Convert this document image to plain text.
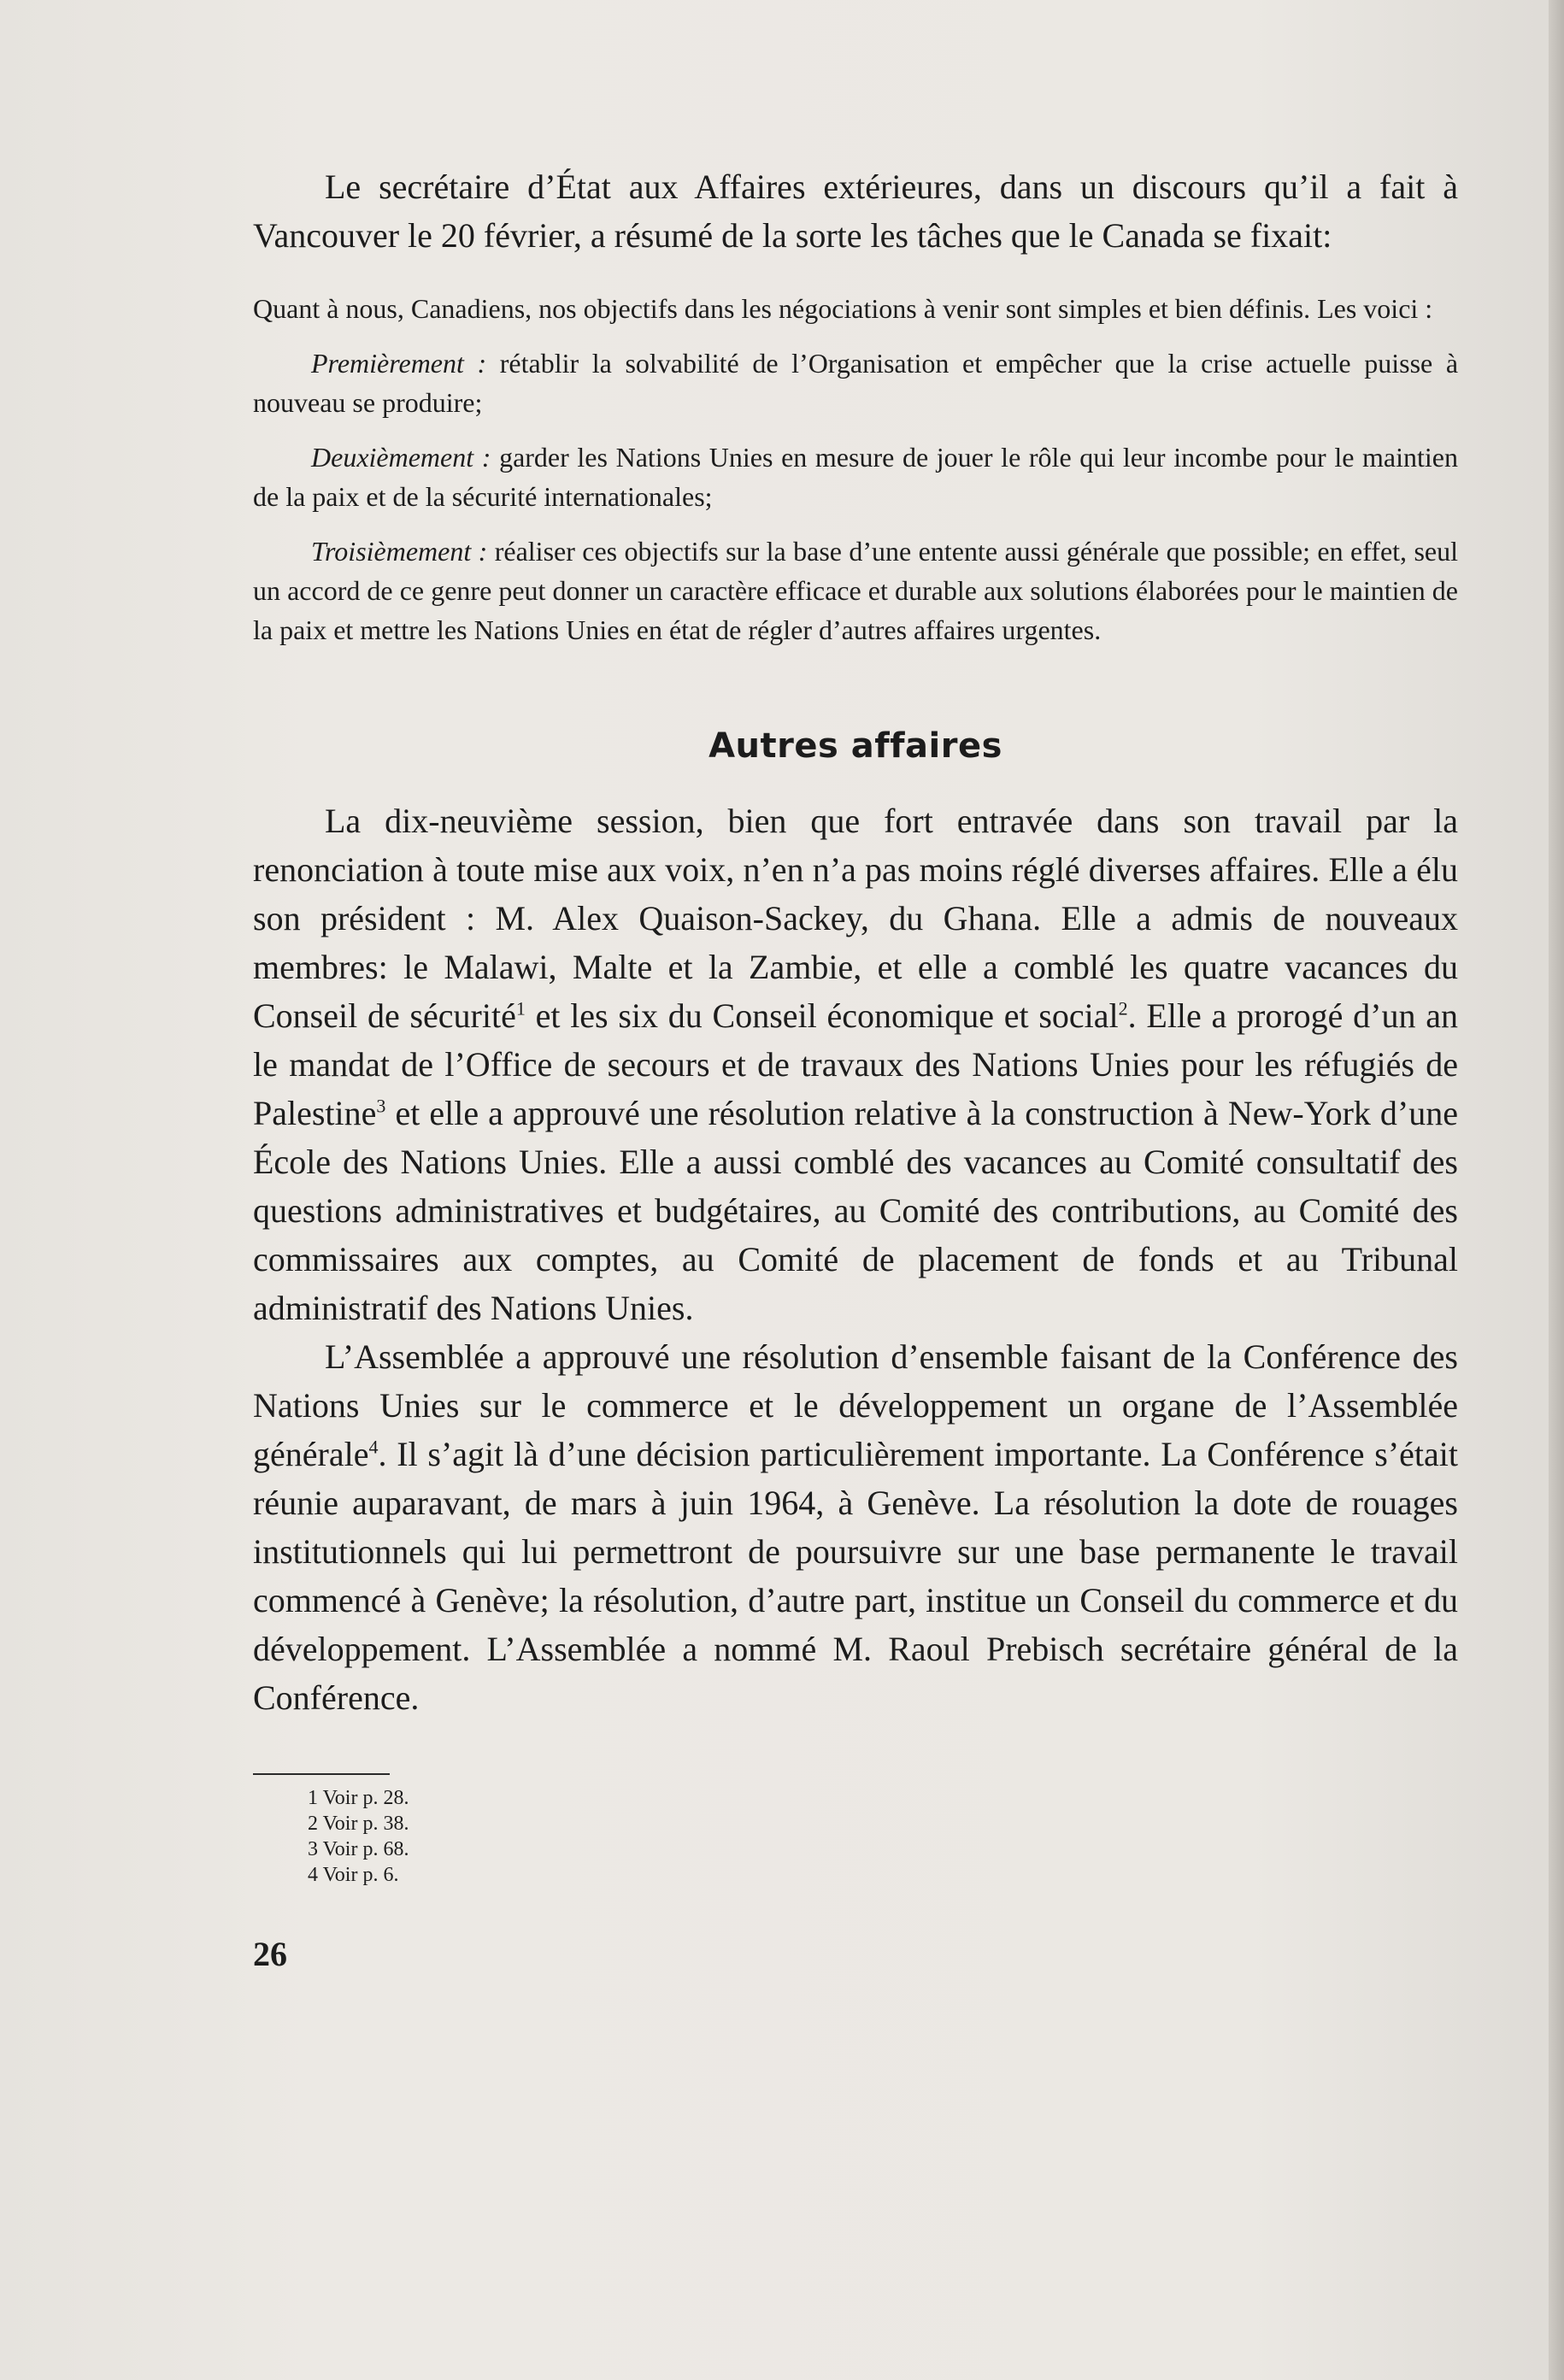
Le secrétaire d’État aux Affaires extérieures, dans un discours qu’il a fait à Vancouver le 20 février, a résumé de la sorte les tâches que le Canada se fixait:

Quant à nous, Canadiens, nos objectifs dans les négociations à venir sont simples et bien définis. Les voici :

Premièrement : rétablir la solvabilité de l’Organisation et empêcher que la crise actuelle puisse à nouveau se produire;

Deuxièmement : garder les Nations Unies en mesure de jouer le rôle qui leur incombe pour le maintien de la paix et de la sécurité internationales;

Troisièmement : réaliser ces objectifs sur la base d’une entente aussi générale que possible; en effet, seul un accord de ce genre peut donner un caractère efficace et durable aux solutions élaborées pour le maintien de la paix et mettre les Nations Unies en état de régler d’autres affaires urgentes.

Autres affaires

La dix-neuvième session, bien que fort entravée dans son travail par la renonciation à toute mise aux voix, n’en n’a pas moins réglé diverses affaires. Elle a élu son président : M. Alex Quaison-Sackey, du Ghana. Elle a admis de nouveaux membres: le Malawi, Malte et la Zambie, et elle a comblé les quatre vacances du Conseil de sécurité$^1$ et les six du Conseil économique et social$^2$. Elle a prorogé d’un an le mandat de l’Office de secours et de travaux des Nations Unies pour les réfugiés de Palestine$^3$ et elle a approuvé une résolution relative à la construction à New-York d’une École des Nations Unies. Elle a aussi comblé des vacances au Comité consultatif des questions administratives et budgétaires, au Comité des contributions, au Comité des commissaires aux comptes, au Comité de placement de fonds et au Tribunal administratif des Nations Unies.

L’Assemblée a approuvé une résolution d’ensemble faisant de la Conférence des Nations Unies sur le commerce et le développement un organe de l’Assemblée générale$^4$. Il s’agit là d’une décision particulièrement importante. La Conférence s’était réunie auparavant, de mars à juin 1964, à Genève. La résolution la dote de rouages institutionnels qui lui permettront de poursuivre sur une base permanente le travail commencé à Genève; la résolution, d’autre part, institue un Conseil du commerce et du développement. L’Assemblée a nommé M. Raoul Prebisch secrétaire général de la Conférence.

1 Voir p. 28.
2 Voir p. 38.
3 Voir p. 68.
4 Voir p. 6.
26
